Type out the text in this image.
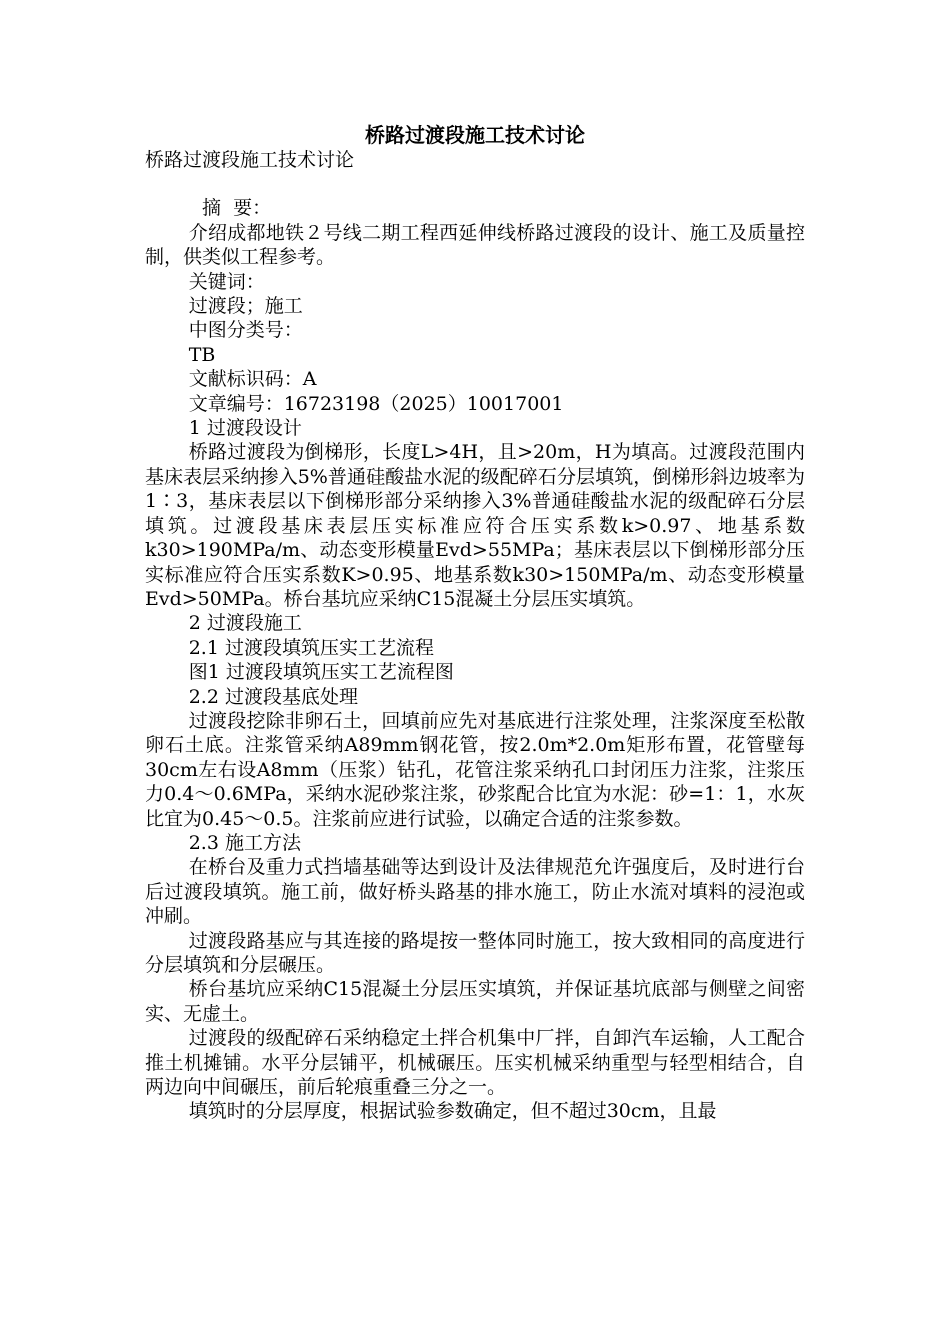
桥路过渡段施工技术讨论
桥路过渡段施工技术讨论
摘  要：
介绍成都地铁２号线二期工程西延伸线桥路过渡段的设计、施工及质量控制，供类似工程参考。
关键词：
过渡段；施工
中图分类号：
TB
文献标识码：A
文章编号：16723198（2025）10017001
1 过渡段设计
桥路过渡段为倒梯形，长度L>4H，且>20m，H为填高。过渡段范围内基床表层采纳掺入5%普通硅酸盐水泥的级配碎石分层填筑，倒梯形斜边坡率为1∶3，基床表层以下倒梯形部分采纳掺入3%普通硅酸盐水泥的级配碎石分层填筑。过渡段基床表层压实标准应符合压实系数k>0.97、地基系数k30>190MPa/m、动态变形模量Evd>55MPa；基床表层以下倒梯形部分压实标准应符合压实系数K>0.95、地基系数k30>150MPa/m、动态变形模量Evd>50MPa。桥台基坑应采纳C15混凝土分层压实填筑。
2 过渡段施工
2.1 过渡段填筑压实工艺流程
图1 过渡段填筑压实工艺流程图
2.2 过渡段基底处理
过渡段挖除非卵石土，回填前应先对基底进行注浆处理，注浆深度至松散卵石土底。注浆管采纳A89mm钢花管，按2.0m*2.0m矩形布置，花管壁每30cm左右设A8mm（压浆）钻孔，花管注浆采纳孔口封闭压力注浆，注浆压力0.4～0.6MPa，采纳水泥砂浆注浆，砂浆配合比宜为水泥：砂=1：1，水灰比宜为0.45～0.5。注浆前应进行试验，以确定合适的注浆参数。
2.3 施工方法
在桥台及重力式挡墙基础等达到设计及法律规范允许强度后，及时进行台后过渡段填筑。施工前，做好桥头路基的排水施工，防止水流对填料的浸泡或冲刷。
过渡段路基应与其连接的路堤按一整体同时施工，按大致相同的高度进行分层填筑和分层碾压。
桥台基坑应采纳C15混凝土分层压实填筑，并保证基坑底部与侧壁之间密实、无虚土。
过渡段的级配碎石采纳稳定土拌合机集中厂拌，自卸汽车运输，人工配合推土机摊铺。水平分层铺平，机械碾压。压实机械采纳重型与轻型相结合，自两边向中间碾压，前后轮痕重叠三分之一。
填筑时的分层厚度，根据试验参数确定，但不超过30cm，且最
